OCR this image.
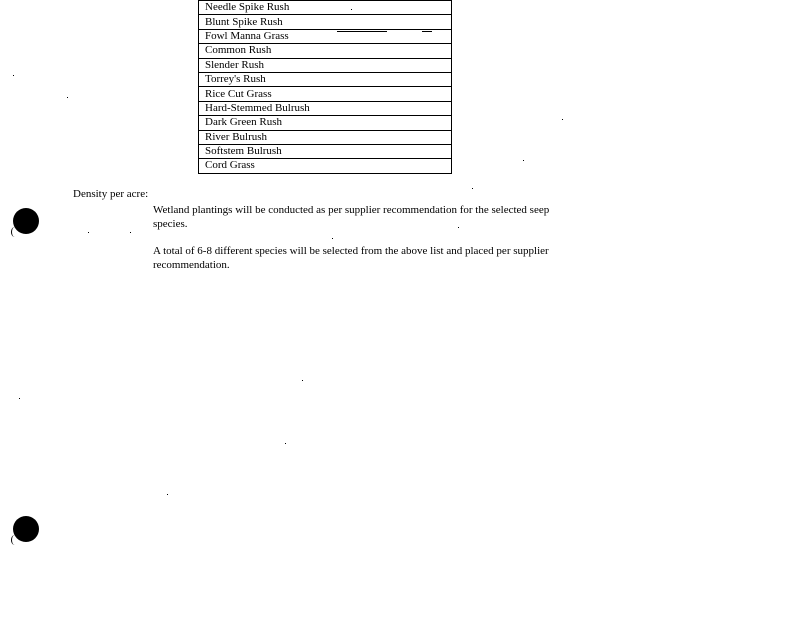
Needle Spike Rush
Blunt Spike Rush
Fowl Manna Grass
Common Rush
Slender Rush
Torrey's Rush
Rice Cut Grass
Hard-Stemmed Bulrush
Dark Green Rush
River Bulrush
Softstem Bulrush
Cord Grass
Density per acre:

Wetland plantings will be conducted as per supplier recommendation for the selected seep species.

A total of 6-8 different species will be selected from the above list and placed per supplier recommendation.
